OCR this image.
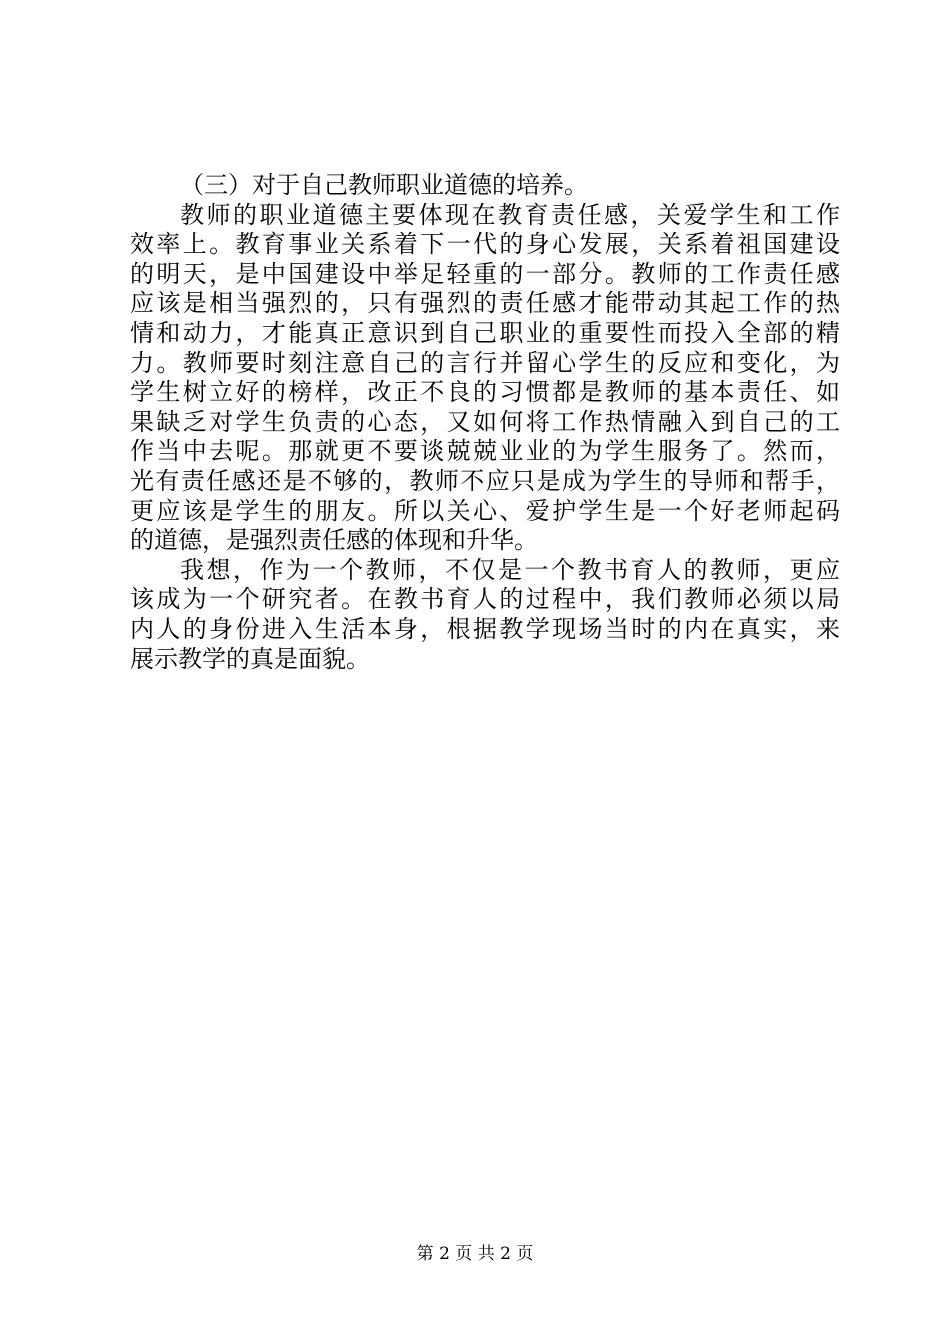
（三）对于自己教师职业道德的培养。
教师的职业道德主要体现在教育责任感，关爱学生和工作
效率上。教育事业关系着下一代的身心发展，关系着祖国建设
的明天，是中国建设中举足轻重的一部分。教师的工作责任感
应该是相当强烈的，只有强烈的责任感才能带动其起工作的热
情和动力，才能真正意识到自己职业的重要性而投入全部的精
力。教师要时刻注意自己的言行并留心学生的反应和变化，为
学生树立好的榜样，改正不良的习惯都是教师的基本责任、如
果缺乏对学生负责的心态，又如何将工作热情融入到自己的工
作当中去呢。那就更不要谈兢兢业业的为学生服务了。然而，
光有责任感还是不够的，教师不应只是成为学生的导师和帮手，
更应该是学生的朋友。所以关心、爱护学生是一个好老师起码
的道德，是强烈责任感的体现和升华。
我想，作为一个教师，不仅是一个教书育人的教师，更应
该成为一个研究者。在教书育人的过程中，我们教师必须以局
内人的身份进入生活本身，根据教学现场当时的内在真实，来
展示教学的真是面貌。
第 2 页 共 2 页
